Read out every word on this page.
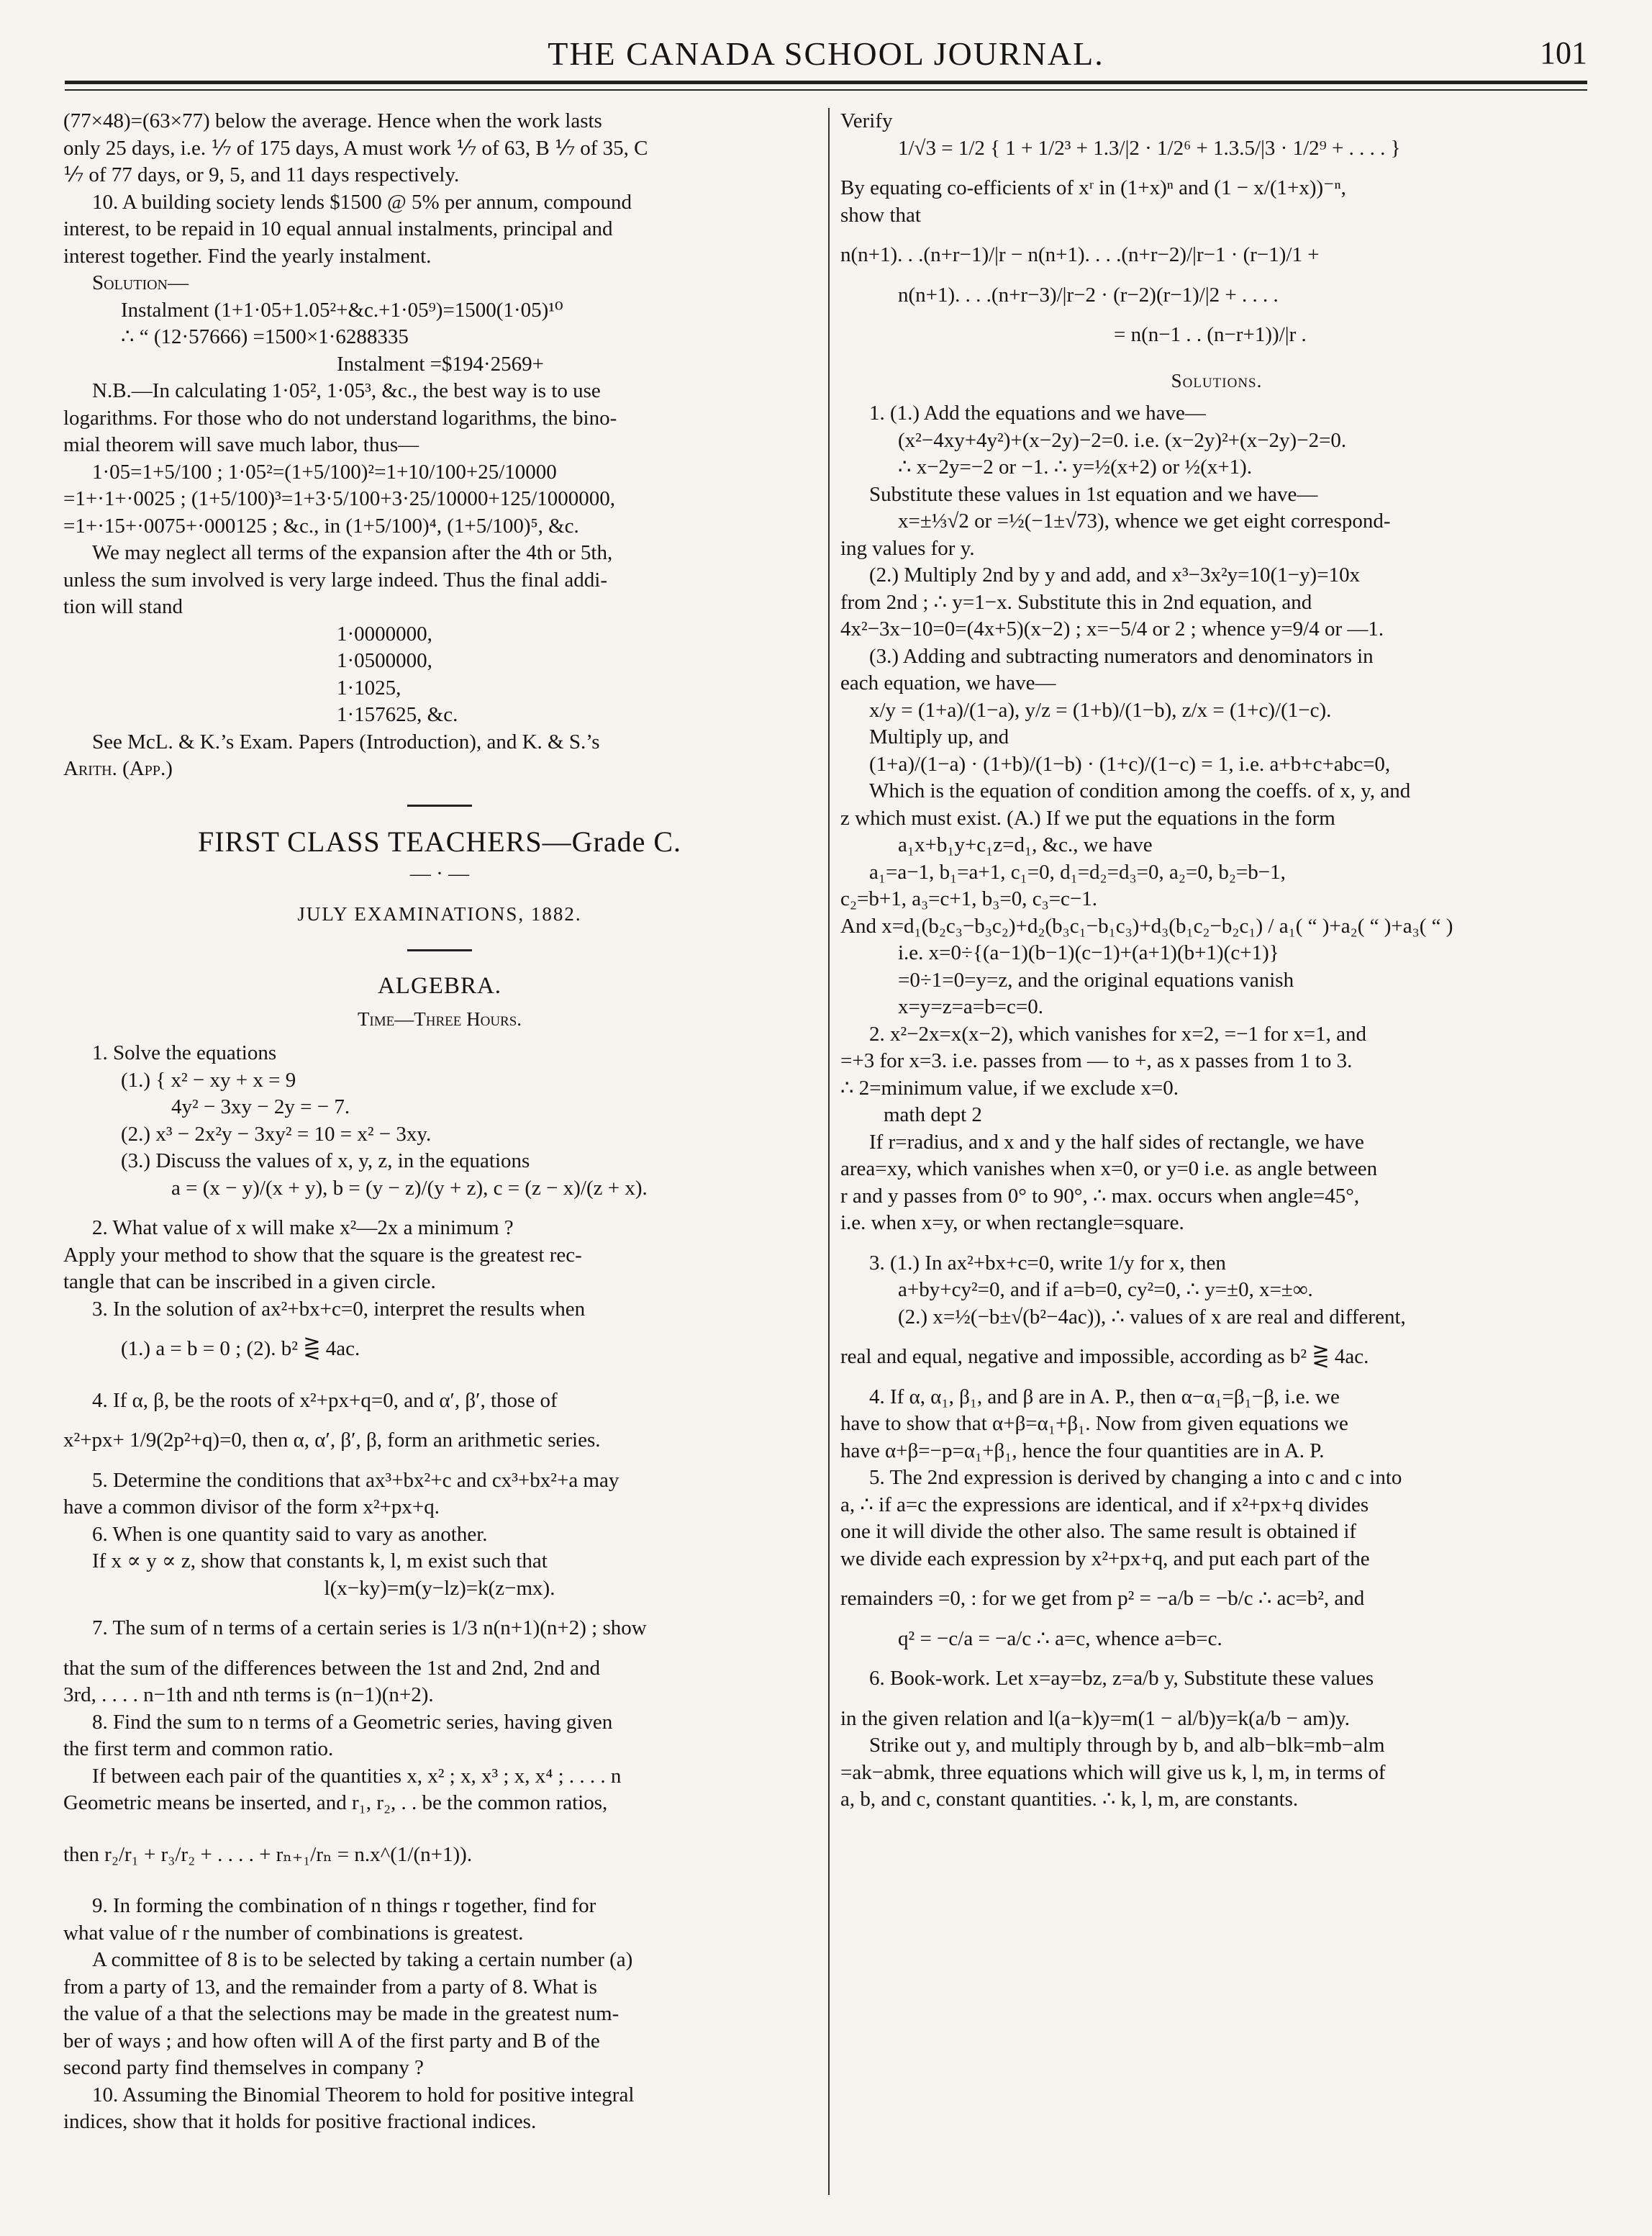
THE CANADA SCHOOL JOURNAL.	101

(77×48)=(63×77) below the average. Hence when the work lasts

only 25 days, i.e. ⅐ of 175 days, A must work ⅐ of 63, B ⅐ of 35, C

⅐ of 77 days, or 9, 5, and 11 days respectively.

10. A building society lends $1500 @ 5% per annum, compound

interest, to be repaid in 10 equal annual instalments, principal and

interest together. Find the yearly instalment.

Solution—

Instalment (1+1·05+1.05²+&c.+1·05⁹)=1500(1·05)¹⁰

∴ “ (12·57666) =1500×1·6288335

Instalment =$194·2569+

N.B.—In calculating 1·05², 1·05³, &c., the best way is to use

logarithms. For those who do not understand logarithms, the bino-

mial theorem will save much labor, thus—

1·05=1+5/100 ; 1·05²=(1+5/100)²=1+10/100+25/10000

=1+·1+·0025 ; (1+5/100)³=1+3·5/100+3·25/10000+125/1000000,

=1+·15+·0075+·000125 ; &c., in (1+5/100)⁴, (1+5/100)⁵, &c.

We may neglect all terms of the expansion after the 4th or 5th,

unless the sum involved is very large indeed. Thus the final addi-

tion will stand

1·0000000,

1·0500000,

1·1025,

1·157625, &c.

See McL. & K.’s Exam. Papers (Introduction), and K. & S.’s

Arith. (App.)

FIRST CLASS TEACHERS—Grade C.
— · —
JULY EXAMINATIONS, 1882.
ALGEBRA.
Time—Three Hours.

1. Solve the equations

(1.) { x² − xy + x = 9

4y² − 3xy − 2y = − 7.

(2.) x³ − 2x²y − 3xy² = 10 = x² − 3xy.

(3.) Discuss the values of x, y, z, in the equations

a = (x − y)/(x + y), b = (y − z)/(y + z), c = (z − x)/(z + x).

2. What value of x will make x²—2x a minimum ?

Apply your method to show that the square is the greatest rec-

tangle that can be inscribed in a given circle.

3. In the solution of ax²+bx+c=0, interpret the results when

(1.) a = b = 0 ; (2). b² ⋛ 4ac.

4. If α, β, be the roots of x²+px+q=0, and α′, β′, those of

x²+px+ 1/9(2p²+q)=0, then α, α′, β′, β, form an arithmetic series.

5. Determine the conditions that ax³+bx²+c and cx³+bx²+a may

have a common divisor of the form x²+px+q.

6. When is one quantity said to vary as another.

If x ∝ y ∝ z, show that constants k, l, m exist such that

l(x−ky)=m(y−lz)=k(z−mx).

7. The sum of n terms of a certain series is 1/3 n(n+1)(n+2) ; show

that the sum of the differences between the 1st and 2nd, 2nd and

3rd, . . . . n−1th and nth terms is (n−1)(n+2).

8. Find the sum to n terms of a Geometric series, having given

the first term and common ratio.

If between each pair of the quantities x, x² ; x, x³ ; x, x⁴ ; . . . . n

Geometric means be inserted, and r₁, r₂, . . be the common ratios,

then r₂/r₁ + r₃/r₂ + . . . . + rₙ₊₁/rₙ = n.x^(1/(n+1)).

9. In forming the combination of n things r together, find for

what value of r the number of combinations is greatest.

A committee of 8 is to be selected by taking a certain number (a)

from a party of 13, and the remainder from a party of 8. What is

the value of a that the selections may be made in the greatest num-

ber of ways ; and how often will A of the first party and B of the

second party find themselves in company ?

10. Assuming the Binomial Theorem to hold for positive integral

indices, show that it holds for positive fractional indices.

Verify

1/√3 = 1/2 { 1 + 1/2³ + 1.3/|2 · 1/2⁶ + 1.3.5/|3 · 1/2⁹ + . . . . }

By equating co-efficients of xʳ in (1+x)ⁿ and (1 − x/(1+x))⁻ⁿ,

show that

n(n+1). . .(n+r−1)/|r − n(n+1). . . .(n+r−2)/|r−1 · (r−1)/1 +

n(n+1). . . .(n+r−3)/|r−2 · (r−2)(r−1)/|2 + . . . .

= n(n−1 . . (n−r+1))/|r .

Solutions.

1. (1.) Add the equations and we have—

(x²−4xy+4y²)+(x−2y)−2=0. i.e. (x−2y)²+(x−2y)−2=0.

∴ x−2y=−2 or −1. ∴ y=½(x+2) or ½(x+1).

Substitute these values in 1st equation and we have—

x=±⅓√2 or =½(−1±√73), whence we get eight correspond-

ing values for y.

(2.) Multiply 2nd by y and add, and x³−3x²y=10(1−y)=10x

from 2nd ; ∴ y=1−x. Substitute this in 2nd equation, and

4x²−3x−10=0=(4x+5)(x−2) ; x=−5/4 or 2 ; whence y=9/4 or —1.

(3.) Adding and subtracting numerators and denominators in

each equation, we have—

x/y = (1+a)/(1−a), y/z = (1+b)/(1−b), z/x = (1+c)/(1−c).

Multiply up, and

(1+a)/(1−a) · (1+b)/(1−b) · (1+c)/(1−c) = 1, i.e. a+b+c+abc=0,

Which is the equation of condition among the coeffs. of x, y, and

z which must exist. (A.) If we put the equations in the form

a₁x+b₁y+c₁z=d₁, &c., we have

a₁=a−1, b₁=a+1, c₁=0, d₁=d₂=d₃=0, a₂=0, b₂=b−1,

c₂=b+1, a₃=c+1, b₃=0, c₃=c−1.

And x=d₁(b₂c₃−b₃c₂)+d₂(b₃c₁−b₁c₃)+d₃(b₁c₂−b₂c₁) / a₁( “ )+a₂( “ )+a₃( “ )

i.e. x=0÷{(a−1)(b−1)(c−1)+(a+1)(b+1)(c+1)}

=0÷1=0=y=z, and the original equations vanish

x=y=z=a=b=c=0.

2. x²−2x=x(x−2), which vanishes for x=2, =−1 for x=1, and

=+3 for x=3. i.e. passes from — to +, as x passes from 1 to 3.

∴ 2=minimum value, if we exclude x=0.

math dept 2

If r=radius, and x and y the half sides of rectangle, we have

area=xy, which vanishes when x=0, or y=0 i.e. as angle between

r and y passes from 0° to 90°, ∴ max. occurs when angle=45°,

i.e. when x=y, or when rectangle=square.

3. (1.) In ax²+bx+c=0, write 1/y for x, then

a+by+cy²=0, and if a=b=0, cy²=0, ∴ y=±0, x=±∞.

(2.) x=½(−b±√(b²−4ac)), ∴ values of x are real and different,

real and equal, negative and impossible, according as b² ⋛ 4ac.

4. If α, α₁, β₁, and β are in A. P., then α−α₁=β₁−β, i.e. we

have to show that α+β=α₁+β₁. Now from given equations we

have α+β=−p=α₁+β₁, hence the four quantities are in A. P.

5. The 2nd expression is derived by changing a into c and c into

a, ∴ if a=c the expressions are identical, and if x²+px+q divides

one it will divide the other also. The same result is obtained if

we divide each expression by x²+px+q, and put each part of the

remainders =0, : for we get from p² = −a/b = −b/c ∴ ac=b², and

q² = −c/a = −a/c ∴ a=c, whence a=b=c.

6. Book-work. Let x=ay=bz, z=a/b y, Substitute these values

in the given relation and l(a−k)y=m(1 − al/b)y=k(a/b − am)y.

Strike out y, and multiply through by b, and alb−blk=mb−alm

=ak−abmk, three equations which will give us k, l, m, in terms of

a, b, and c, constant quantities. ∴ k, l, m, are constants.
